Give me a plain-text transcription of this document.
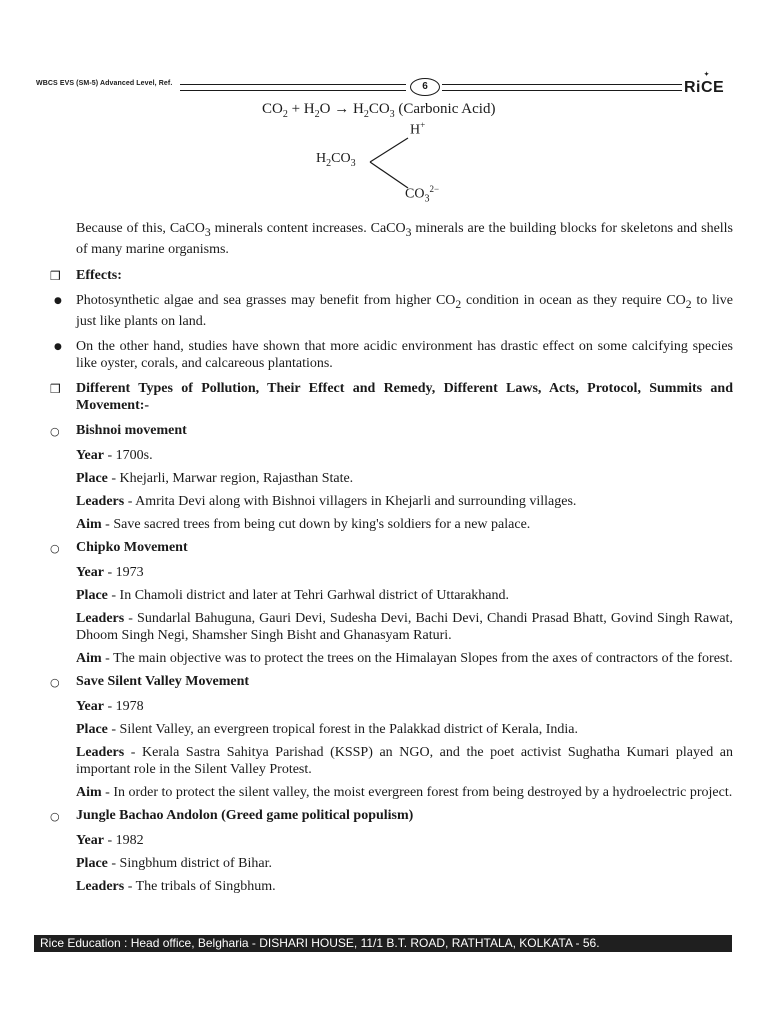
WBCS EVS (SM-5) Advanced Level, Ref.	6
✦
RiCE
$CO_2 + H_2O \to H_2CO_3$ (Carbonic Acid)
H+
$H_2CO_3$
$CO_3^{2-}$
Because of this, CaCO$_3$ minerals content increases. CaCO$_3$ minerals are the building blocks for skeletons and shells of many marine organisms.
❒ Effects:
● Photosynthetic algae and sea grasses may benefit from higher $CO_2$ condition in ocean as they require $CO_2$ to live just like plants on land.
● On the other hand, studies have shown that more acidic environment has drastic effect on some calcifying species like oyster, corals, and calcareous plantations.
❒ Different Types of Pollution, Their Effect and Remedy, Different Laws, Acts, Protocol, Summits and Movement:-
○ Bishnoi movement
Year - 1700s.
Place - Khejarli, Marwar region, Rajasthan State.
Leaders - Amrita Devi along with Bishnoi villagers in Khejarli and surrounding villages.
Aim - Save sacred trees from being cut down by king's soldiers for a new palace.
○ Chipko Movement
Year - 1973
Place - In Chamoli district and later at Tehri Garhwal district of Uttarakhand.
Leaders - Sundarlal Bahuguna, Gauri Devi, Sudesha Devi, Bachi Devi, Chandi Prasad Bhatt, Govind Singh Rawat, Dhoom Singh Negi, Shamsher Singh Bisht and Ghanasyam Raturi.
Aim - The main objective was to protect the trees on the Himalayan Slopes from the axes of contractors of the forest.
○ Save Silent Valley Movement
Year - 1978
Place - Silent Valley, an evergreen tropical forest in the Palakkad district of Kerala, India.
Leaders - Kerala Sastra Sahitya Parishad (KSSP) an NGO, and the poet activist Sughatha Kumari played an important role in the Silent Valley Protest.
Aim - In order to protect the silent valley, the moist evergreen forest from being destroyed by a hydroelectric project.
○ Jungle Bachao Andolon (Greed game political populism)
Year - 1982
Place - Singbhum district of Bihar.
Leaders - The tribals of Singbhum.
Rice Education : Head office, Belgharia - DISHARI HOUSE, 11/1 B.T. ROAD, RATHTALA, KOLKATA - 56.
